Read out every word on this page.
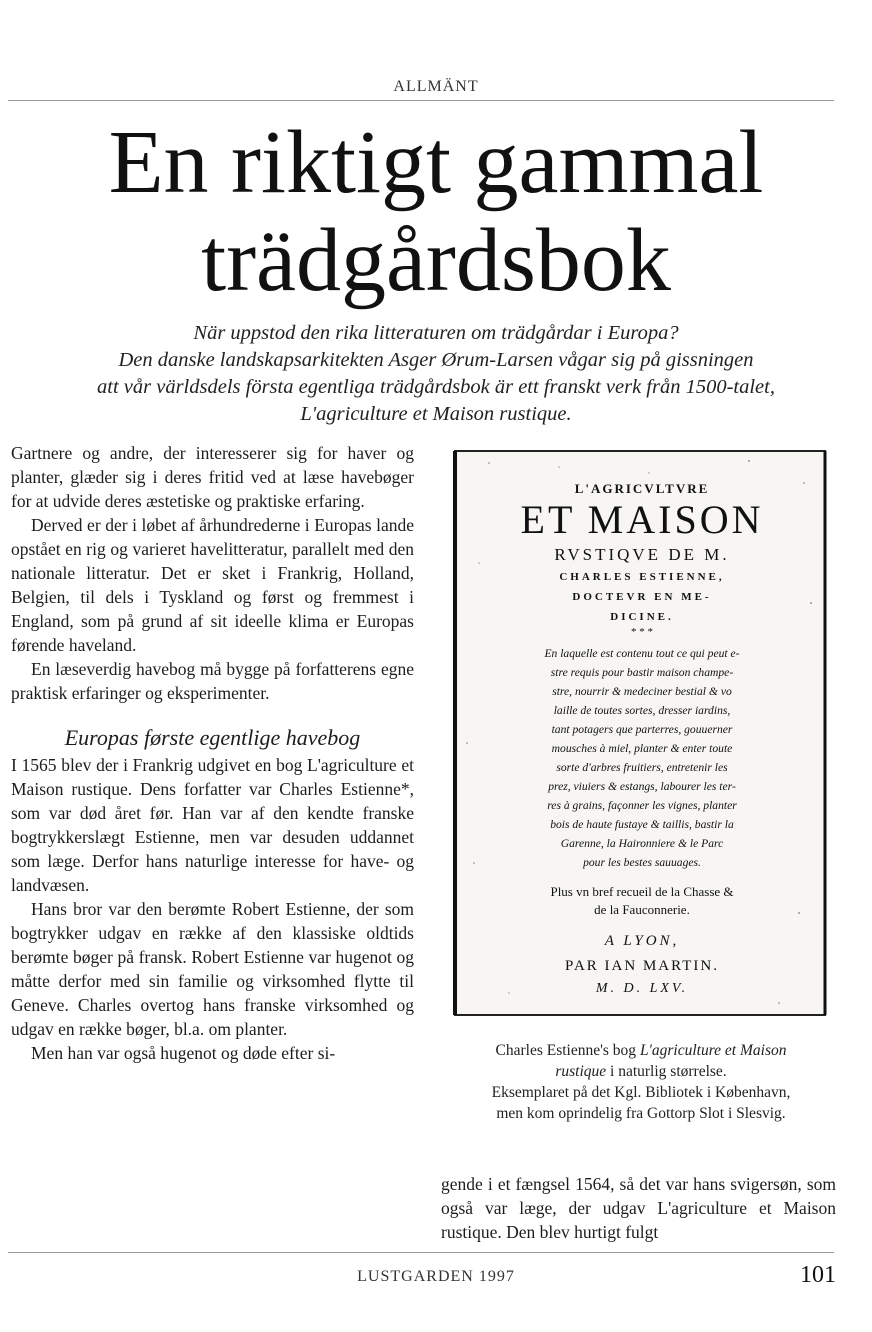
ALLMÄNT
En riktigt gammal
trädgårdsbok
När uppstod den rika litteraturen om trädgårdar i Europa?
Den danske landskapsarkitekten Asger Ørum-Larsen vågar sig på gissningen
att vår världsdels första egentliga trädgårdsbok är ett franskt verk från 1500-talet,
L'agriculture et Maison rustique.

Gartnere og andre, der interesserer sig for haver og planter, glæder sig i deres fritid ved at læse havebøger for at udvide deres æstetiske og praktiske erfaring.

Derved er der i løbet af århundrederne i Europas lande opstået en rig og varieret havelitteratur, parallelt med den nationale litteratur. Det er sket i Frankrig, Holland, Belgien, til dels i Tyskland og først og fremmest i England, som på grund af sit ideelle klima er Europas førende haveland.

En læseverdig havebog må bygge på forfatterens egne praktisk erfaringer og eksperimenter.

Europas første egentlige havebog

I 1565 blev der i Frankrig udgivet en bog L'agriculture et Maison rustique. Dens forfatter var Charles Estienne*, som var død året før. Han var af den kendte franske bogtrykkerslægt Estienne, men var desuden uddannet som læge. Derfor hans naturlige interesse for have- og landvæsen.

Hans bror var den berømte Robert Estienne, der som bogtrykker udgav en række af den klassiske oldtids berømte bøger på fransk. Robert Estienne var hugenot og måtte derfor med sin familie og virksomhed flytte til Geneve. Charles overtog hans franske virksomhed og udgav en række bøger, bl.a. om planter.

Men han var også hugenot og døde efter si-

L'AGRICVLTVRE
ET MAISON
RVSTIQVE DE M.
CHARLES ESTIENNE,
DOCTEVR EN ME-
DICINE.
* * *
En laquelle est contenu tout ce qui peut e-
stre requis pour bastir maison champe-
stre, nourrir & medeciner bestial & vo
laille de toutes sortes, dresser iardins,
tant potagers que parterres, gouuerner
mousches à miel, planter & enter toute
sorte d'arbres fruitiers, entretenir les
prez, viuiers & estangs, labourer les ter-
res à grains, façonner les vignes, planter
bois de haute fustaye & taillis, bastir la
Garenne, la Haironniere & le Parc
pour les bestes sauuages.
Plus vn bref recueil de la Chasse &
de la Fauconnerie.
A LYON,
PAR IAN MARTIN.
M. D. LXV.
Charles Estienne's bog L'agriculture et Maison
rustique i naturlig størrelse.
Eksemplaret på det Kgl. Bibliotek i København,
men kom oprindelig fra Gottorp Slot i Slesvig.

gende i et fængsel 1564, så det var hans svigersøn, som også var læge, der udgav L'agriculture et Maison rustique. Den blev hurtigt fulgt

LUSTGARDEN 1997	101
